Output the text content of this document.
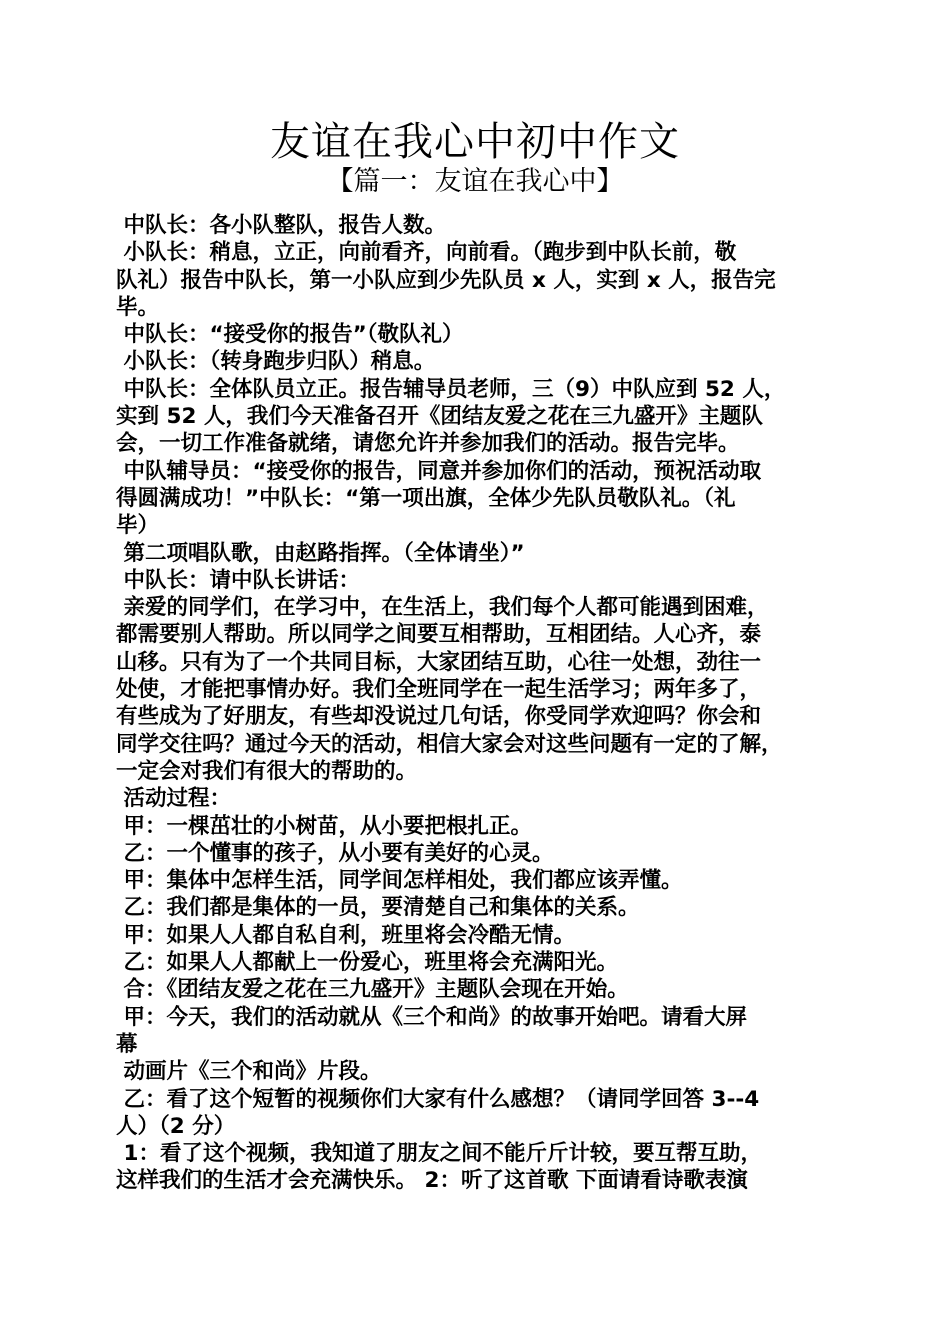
友谊在我心中初中作文
【篇一：友谊在我心中】

中队长：各小队整队，报告人数。

小队长：稍息，立正，向前看齐，向前看。（跑步到中队长前，敬

队礼）报告中队长，第一小队应到少先队员 x 人，实到 x 人，报告完

毕。

中队长：“接受你的报告”（敬队礼）

小队长：（转身跑步归队）稍息。

中队长：全体队员立正。报告辅导员老师，三（9）中队应到 52 人，

实到 52 人，我们今天准备召开《团结友爱之花在三九盛开》主题队

会，一切工作准备就绪，请您允许并参加我们的活动。报告完毕。

中队辅导员：“接受你的报告，同意并参加你们的活动，预祝活动取

得圆满成功！”中队长：“第一项出旗，全体少先队员敬队礼。（礼

毕）

第二项唱队歌，由赵路指挥。（全体请坐）”

中队长：请中队长讲话：

亲爱的同学们，在学习中，在生活上，我们每个人都可能遇到困难，

都需要别人帮助。所以同学之间要互相帮助，互相团结。人心齐，泰

山移。只有为了一个共同目标，大家团结互助，心往一处想，劲往一

处使，才能把事情办好。我们全班同学在一起生活学习；两年多了，

有些成为了好朋友，有些却没说过几句话，你受同学欢迎吗？你会和

同学交往吗？通过今天的活动，相信大家会对这些问题有一定的了解，

一定会对我们有很大的帮助的。

活动过程：

甲：一棵茁壮的小树苗，从小要把根扎正。

乙：一个懂事的孩子，从小要有美好的心灵。

甲：集体中怎样生活，同学间怎样相处，我们都应该弄懂。

乙：我们都是集体的一员，要清楚自己和集体的关系。

甲：如果人人都自私自利，班里将会冷酷无情。

乙：如果人人都献上一份爱心，班里将会充满阳光。

合：《团结友爱之花在三九盛开》主题队会现在开始。

甲：今天，我们的活动就从《三个和尚》的故事开始吧。请看大屏

幕

动画片《三个和尚》片段。

乙：看了这个短暂的视频你们大家有什么感想？（请同学回答 3--4

人）（2 分）

1：看了这个视频，我知道了朋友之间不能斤斤计较，要互帮互助，

这样我们的生活才会充满快乐。 2：听了这首歌 下面请看诗歌表演
